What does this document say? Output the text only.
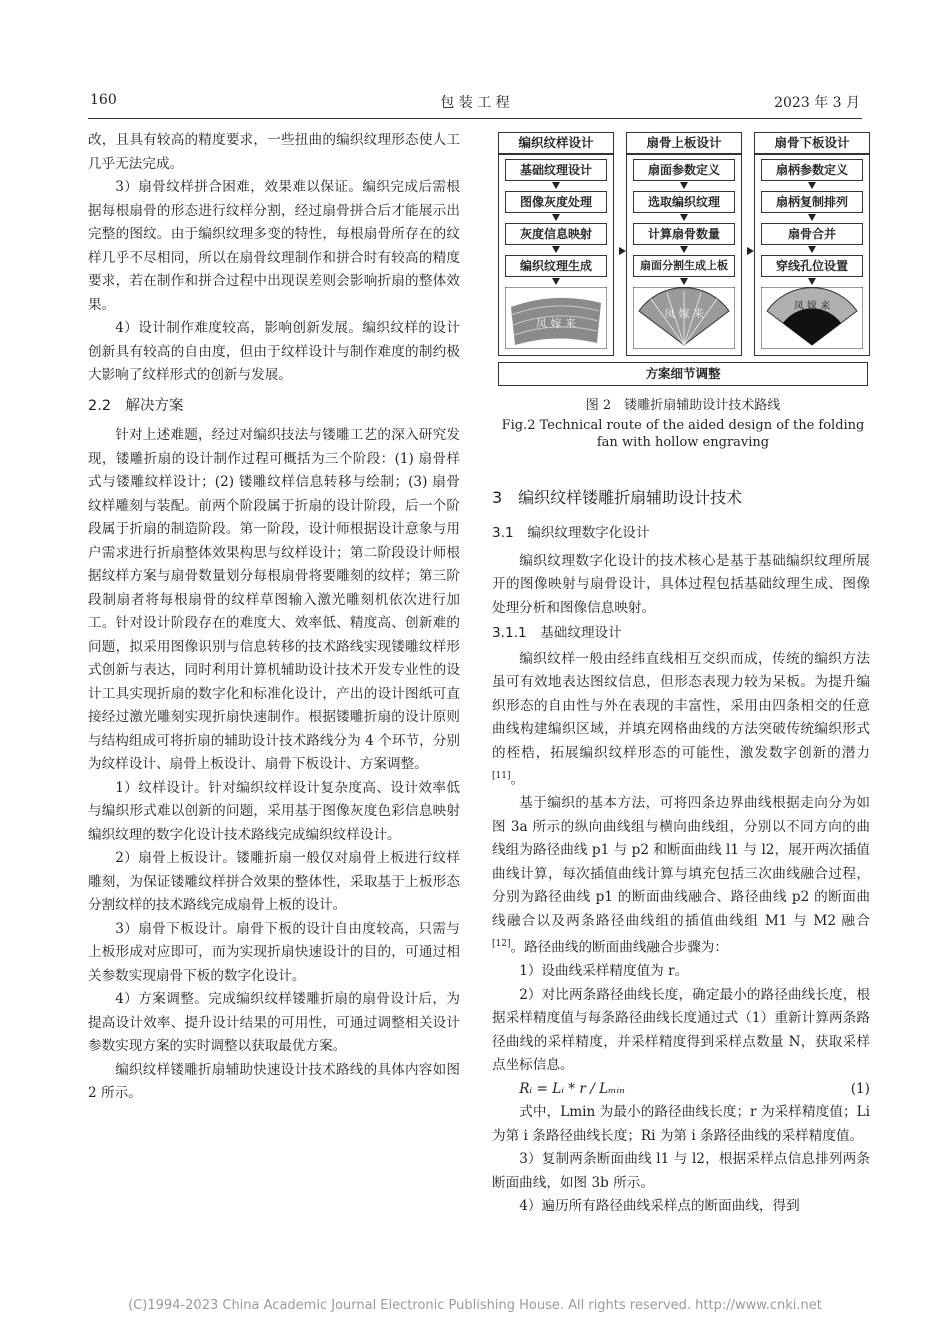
160	包 装 工 程	2023 年 3 月

改，且具有较高的精度要求，一些扭曲的编织纹理形态使人工几乎无法完成。

3）扇骨纹样拼合困难，效果难以保证。编织完成后需根据每根扇骨的形态进行纹样分割，经过扇骨拼合后才能展示出完整的图纹。由于编织纹理多变的特性，每根扇骨所存在的纹样几乎不尽相同，所以在扇骨纹理制作和拼合时有较高的精度要求，若在制作和拼合过程中出现误差则会影响折扇的整体效果。

4）设计制作难度较高，影响创新发展。编织纹样的设计创新具有较高的自由度，但由于纹样设计与制作难度的制约极大影响了纹样形式的创新与发展。

2.2　解决方案

针对上述难题，经过对编织技法与镂雕工艺的深入研究发现，镂雕折扇的设计制作过程可概括为三个阶段：(1) 扇骨样式与镂雕纹样设计；(2) 镂雕纹样信息转移与绘制；(3) 扇骨纹样雕刻与装配。前两个阶段属于折扇的设计阶段，后一个阶段属于折扇的制造阶段。第一阶段，设计师根据设计意象与用户需求进行折扇整体效果构思与纹样设计；第二阶段设计师根据纹样方案与扇骨数量划分每根扇骨将要雕刻的纹样；第三阶段制扇者将每根扇骨的纹样草图输入激光雕刻机依次进行加工。针对设计阶段存在的难度大、效率低、精度高、创新难的问题，拟采用图像识别与信息转移的技术路线实现镂雕纹样形式创新与表达，同时利用计算机辅助设计技术开发专业性的设计工具实现折扇的数字化和标准化设计，产出的设计图纸可直接经过激光雕刻实现折扇快速制作。根据镂雕折扇的设计原则与结构组成可将折扇的辅助设计技术路线分为 4 个环节，分别为纹样设计、扇骨上板设计、扇骨下板设计、方案调整。

1）纹样设计。针对编织纹样设计复杂度高、设计效率低与编织形式难以创新的问题，采用基于图像灰度色彩信息映射编织纹理的数字化设计技术路线完成编织纹样设计。

2）扇骨上板设计。镂雕折扇一般仅对扇骨上板进行纹样雕刻，为保证镂雕纹样拼合效果的整体性，采取基于上板形态分割纹样的技术路线完成扇骨上板的设计。

3）扇骨下板设计。扇骨下板的设计自由度较高，只需与上板形成对应即可，而为实现折扇快速设计的目的，可通过相关参数实现扇骨下板的数字化设计。

4）方案调整。完成编织纹样镂雕折扇的扇骨设计后，为提高设计效率、提升设计结果的可用性，可通过调整相关设计参数实现方案的实时调整以获取最优方案。

编织纹样镂雕折扇辅助快速设计技术路线的具体内容如图 2 所示。

编织纹样设计
基础纹理设计
图像灰度处理
灰度信息映射
编织纹理生成
凤 嫁 来
扇骨上板设计
扇面参数定义
选取编织纹理
计算扇骨数量
扇面分割生成上板
凤 嫁 来
扇骨下板设计
扇柄参数定义
扇柄复制排列
扇骨合并
穿线孔位设置
凤 嫁 来
方案细节调整
图 2　镂雕折扇辅助设计技术路线
Fig.2 Technical route of the aided design of the folding
fan with hollow engraving
3　编织纹样镂雕折扇辅助设计技术

3.1　编织纹理数字化设计

编织纹理数字化设计的技术核心是基于基础编织纹理所展开的图像映射与扇骨设计，具体过程包括基础纹理生成、图像处理分析和图像信息映射。

3.1.1　基础纹理设计

编织纹样一般由经纬直线相互交织而成，传统的编织方法虽可有效地表达图纹信息，但形态表现力较为呆板。为提升编织形态的自由性与外在表现的丰富性，采用由四条相交的任意曲线构建编织区域，并填充网格曲线的方法突破传统编织形式的桎梏，拓展编织纹样形态的可能性，激发数字创新的潜力[11]。

基于编织的基本方法，可将四条边界曲线根据走向分为如图 3a 所示的纵向曲线组与横向曲线组，分别以不同方向的曲线组为路径曲线 p1 与 p2 和断面曲线 l1 与 l2，展开两次插值曲线计算，每次插值曲线计算与填充包括三次曲线融合过程，分别为路径曲线 p1 的断面曲线融合、路径曲线 p2 的断面曲线融合以及两条路径曲线组的插值曲线组 M1 与 M2 融合[12]。路径曲线的断面曲线融合步骤为：

1）设曲线采样精度值为 r。

2）对比两条路径曲线长度，确定最小的路径曲线长度，根据采样精度值与每条路径曲线长度通过式（1）重新计算两条路径曲线的采样精度，并采样精度得到采样点数量 N，获取采样点坐标信息。

Rᵢ = Lᵢ * r / Lₘᵢₙ	(1)

式中，Lmin 为最小的路径曲线长度；r 为采样精度值；Li 为第 i 条路径曲线长度；Ri 为第 i 条路径曲线的采样精度值。

3）复制两条断面曲线 l1 与 l2，根据采样点信息排列两条断面曲线，如图 3b 所示。

4）遍历所有路径曲线采样点的断面曲线，得到

(C)1994-2023 China Academic Journal Electronic Publishing House. All rights reserved. http://www.cnki.net
